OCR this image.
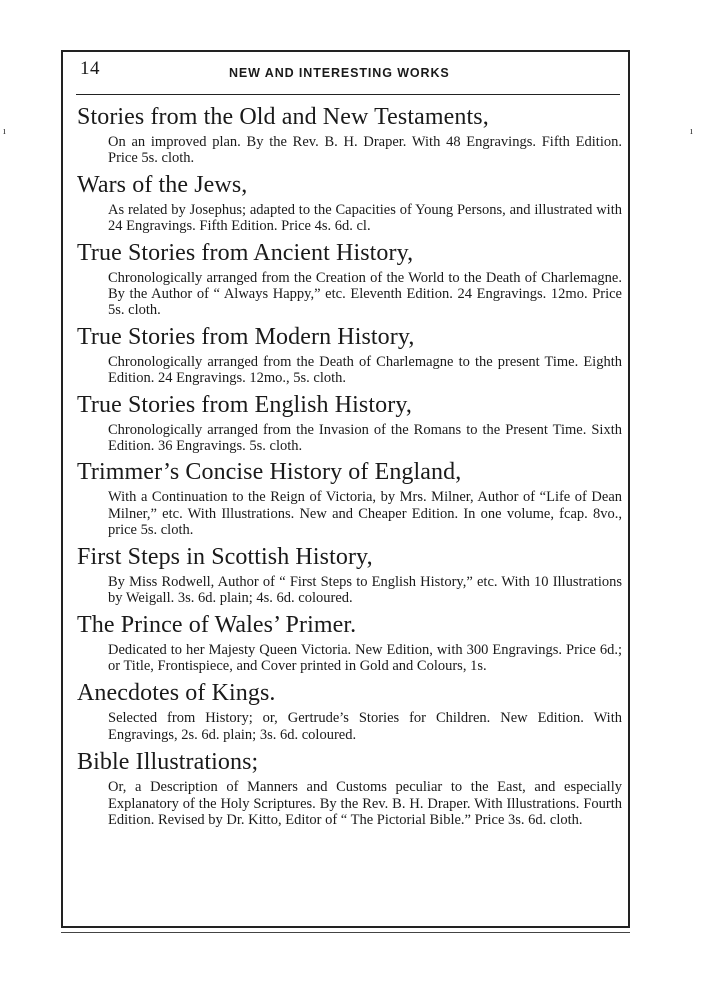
ı	ı
14	NEW AND INTERESTING WORKS
Stories from the Old and New Testaments,
On an improved plan. By the Rev. B. H. Draper. With 48 Engravings. Fifth Edition. Price 5s. cloth.
Wars of the Jews,
As related by Josephus; adapted to the Capacities of Young Persons, and illustrated with 24 Engravings. Fifth Edition. Price 4s. 6d. cl.
True Stories from Ancient History,
Chronologically arranged from the Creation of the World to the Death of Charlemagne. By the Author of “ Always Happy,” etc. Eleventh Edition. 24 Engravings. 12mo. Price 5s. cloth.
True Stories from Modern History,
Chronologically arranged from the Death of Charlemagne to the present Time. Eighth Edition. 24 Engravings. 12mo., 5s. cloth.
True Stories from English History,
Chronologically arranged from the Invasion of the Romans to the Present Time. Sixth Edition. 36 Engravings. 5s. cloth.
Trimmer’s Concise History of England,
With a Continuation to the Reign of Victoria, by Mrs. Milner, Author of “Life of Dean Milner,” etc. With Illustrations. New and Cheaper Edition. In one volume, fcap. 8vo., price 5s. cloth.
First Steps in Scottish History,
By Miss Rodwell, Author of “ First Steps to English History,” etc. With 10 Illustrations by Weigall. 3s. 6d. plain; 4s. 6d. coloured.
The Prince of Wales’ Primer.
Dedicated to her Majesty Queen Victoria. New Edition, with 300 Engravings. Price 6d.; or Title, Frontispiece, and Cover printed in Gold and Colours, 1s.
Anecdotes of Kings.
Selected from History; or, Gertrude’s Stories for Children. New Edition. With Engravings, 2s. 6d. plain; 3s. 6d. coloured.
Bible Illustrations;
Or, a Description of Manners and Customs peculiar to the East, and especially Explanatory of the Holy Scriptures. By the Rev. B. H. Draper. With Illustrations. Fourth Edition. Revised by Dr. Kitto, Editor of “ The Pictorial Bible.” Price 3s. 6d. cloth.
